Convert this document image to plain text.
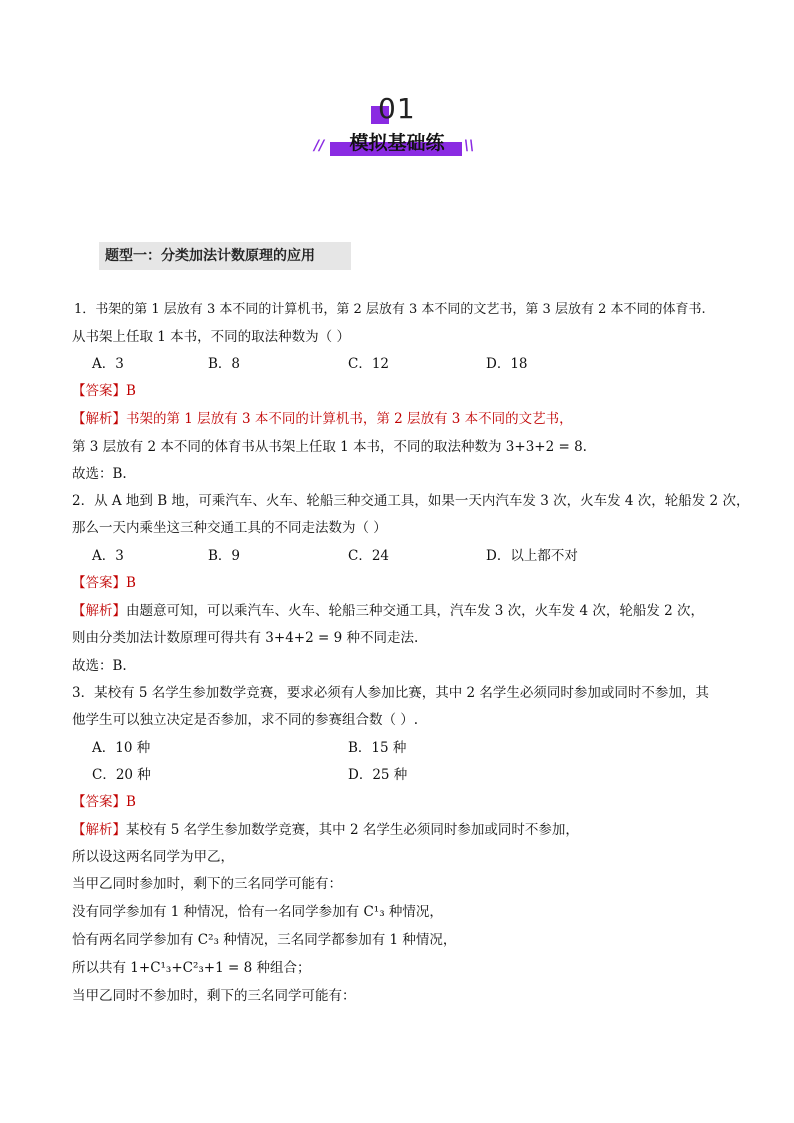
01
模拟基础练
//	\\
题型一：分类加法计数原理的应用
1．书架的第 1 层放有 3 本不同的计算机书，第 2 层放有 3 本不同的文艺书，第 3 层放有 2 本不同的体育书.
从书架上任取 1 本书，不同的取法种数为（ ）
A．3	B．8	C．12	D．18
【答案】B
【解析】书架的第 1 层放有 3 本不同的计算机书，第 2 层放有 3 本不同的文艺书，
第 3 层放有 2 本不同的体育书从书架上任取 1 本书，不同的取法种数为 3+3+2 = 8.
故选：B.
2．从 A 地到 B 地，可乘汽车、火车、轮船三种交通工具，如果一天内汽车发 3 次，火车发 4 次，轮船发 2 次，
那么一天内乘坐这三种交通工具的不同走法数为（ ）
A．3	B．9	C．24	D．以上都不对
【答案】B
【解析】由题意可知，可以乘汽车、火车、轮船三种交通工具，汽车发 3 次，火车发 4 次，轮船发 2 次，
则由分类加法计数原理可得共有 3+4+2 = 9 种不同走法.
故选：B.
3．某校有 5 名学生参加数学竞赛，要求必须有人参加比赛，其中 2 名学生必须同时参加或同时不参加，其
他学生可以独立决定是否参加，求不同的参赛组合数（ ）.
A．10 种	B．15 种
C．20 种	D．25 种
【答案】B
【解析】某校有 5 名学生参加数学竞赛，其中 2 名学生必须同时参加或同时不参加，
所以设这两名同学为甲乙，
当甲乙同时参加时，剩下的三名同学可能有：
没有同学参加有 1 种情况，恰有一名同学参加有 C¹₃ 种情况，
恰有两名同学参加有 C²₃ 种情况，三名同学都参加有 1 种情况，
所以共有 1+C¹₃+C²₃+1 = 8 种组合；
当甲乙同时不参加时，剩下的三名同学可能有：
